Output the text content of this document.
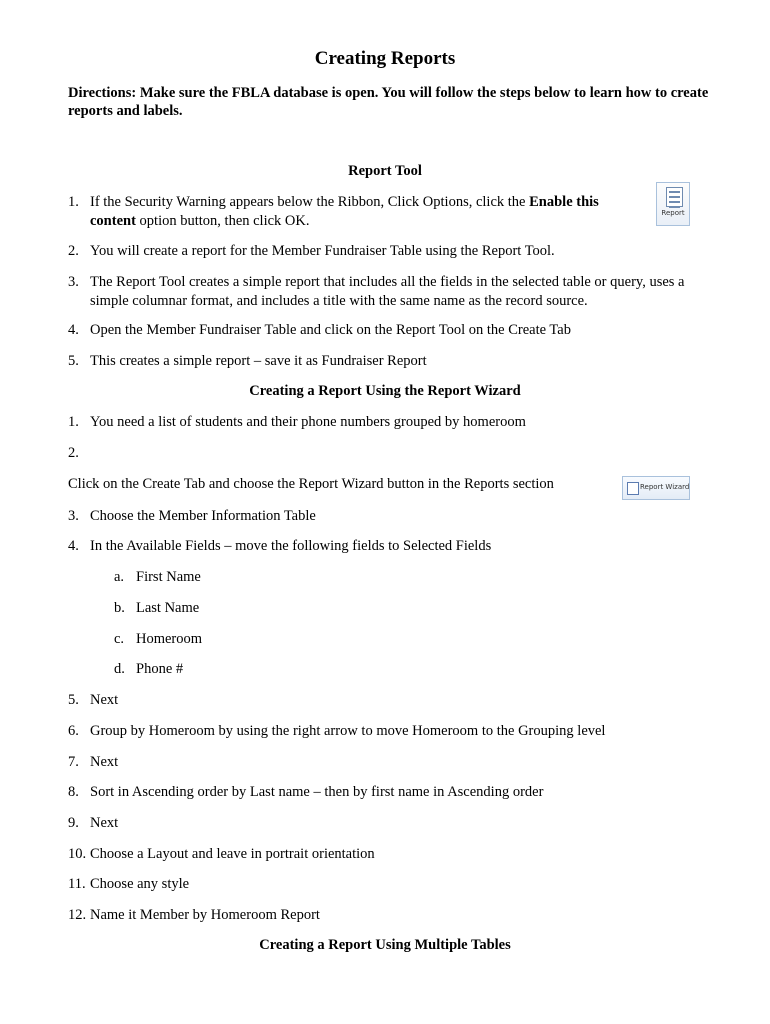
Creating Reports
Directions: Make sure the FBLA database is open. You will follow the steps below to learn how to create reports and labels.
Report Tool
1. If the Security Warning appears below the Ribbon, Click Options, click the Enable this content option button, then click OK.	Report
2. You will create a report for the Member Fundraiser Table using the Report Tool.
3. The Report Tool creates a simple report that includes all the fields in the selected table or query, uses a simple columnar format, and includes a title with the same name as the record source.
4. Open the Member Fundraiser Table and click on the Report Tool on the Create Tab
5. This creates a simple report – save it as Fundraiser Report
Creating a Report Using the Report Wizard
1. You need a list of students and their phone numbers grouped by homeroom
2.
Click on the Create Tab and choose the Report Wizard button in the Reports section	Report Wizard
3. Choose the Member Information Table
4. In the Available Fields – move the following fields to Selected Fields
a. First Name
b. Last Name
c. Homeroom
d. Phone #
5. Next
6. Group by Homeroom by using the right arrow to move Homeroom to the Grouping level
7. Next
8. Sort in Ascending order by Last name – then by first name in Ascending order
9. Next
10. Choose a Layout and leave in portrait orientation
11. Choose any style
12. Name it Member by Homeroom Report
Creating a Report Using Multiple Tables
